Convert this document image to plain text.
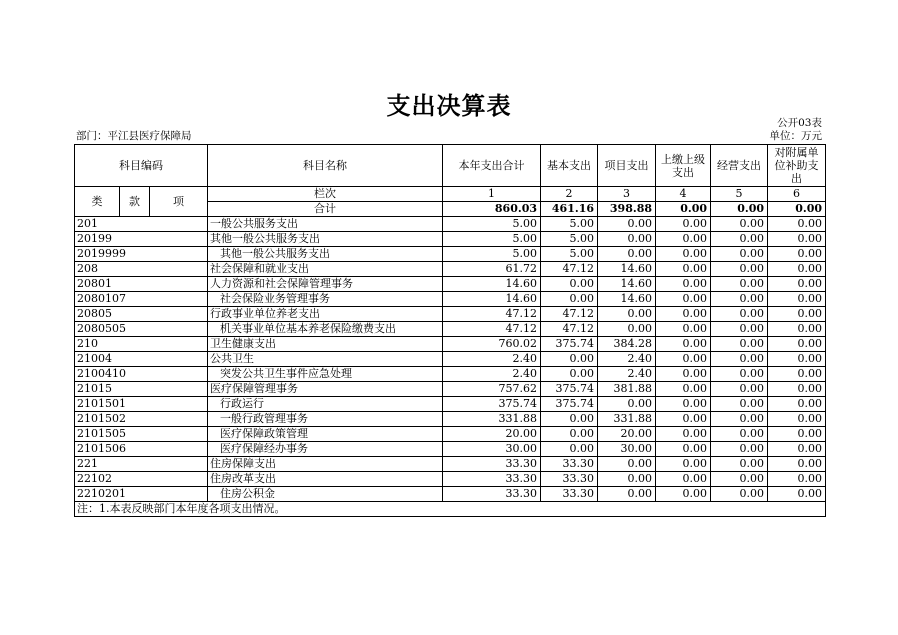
支出决算表
公开03表
部门：平江县医疗保障局	单位：万元
科目编码			科目名称	本年支出合计	基本支出	项目支出	上缴上级支出	经营支出	对附属单位补助支出
类	款	项	栏次	1	2	3	4	5	6
			合计	860.03	461.16	398.88	0.00	0.00	0.00
201			一般公共服务支出	5.00	5.00	0.00	0.00	0.00	0.00
20199			其他一般公共服务支出	5.00	5.00	0.00	0.00	0.00	0.00
2019999			其他一般公共服务支出	5.00	5.00	0.00	0.00	0.00	0.00
208			社会保障和就业支出	61.72	47.12	14.60	0.00	0.00	0.00
20801			人力资源和社会保障管理事务	14.60	0.00	14.60	0.00	0.00	0.00
2080107			社会保险业务管理事务	14.60	0.00	14.60	0.00	0.00	0.00
20805			行政事业单位养老支出	47.12	47.12	0.00	0.00	0.00	0.00
2080505			机关事业单位基本养老保险缴费支出	47.12	47.12	0.00	0.00	0.00	0.00
210			卫生健康支出	760.02	375.74	384.28	0.00	0.00	0.00
21004			公共卫生	2.40	0.00	2.40	0.00	0.00	0.00
2100410			突发公共卫生事件应急处理	2.40	0.00	2.40	0.00	0.00	0.00
21015			医疗保障管理事务	757.62	375.74	381.88	0.00	0.00	0.00
2101501			行政运行	375.74	375.74	0.00	0.00	0.00	0.00
2101502			一般行政管理事务	331.88	0.00	331.88	0.00	0.00	0.00
2101505			医疗保障政策管理	20.00	0.00	20.00	0.00	0.00	0.00
2101506			医疗保障经办事务	30.00	0.00	30.00	0.00	0.00	0.00
221			住房保障支出	33.30	33.30	0.00	0.00	0.00	0.00
22102			住房改革支出	33.30	33.30	0.00	0.00	0.00	0.00
2210201			住房公积金	33.30	33.30	0.00	0.00	0.00	0.00
注：1.本表反映部门本年度各项支出情况。									
